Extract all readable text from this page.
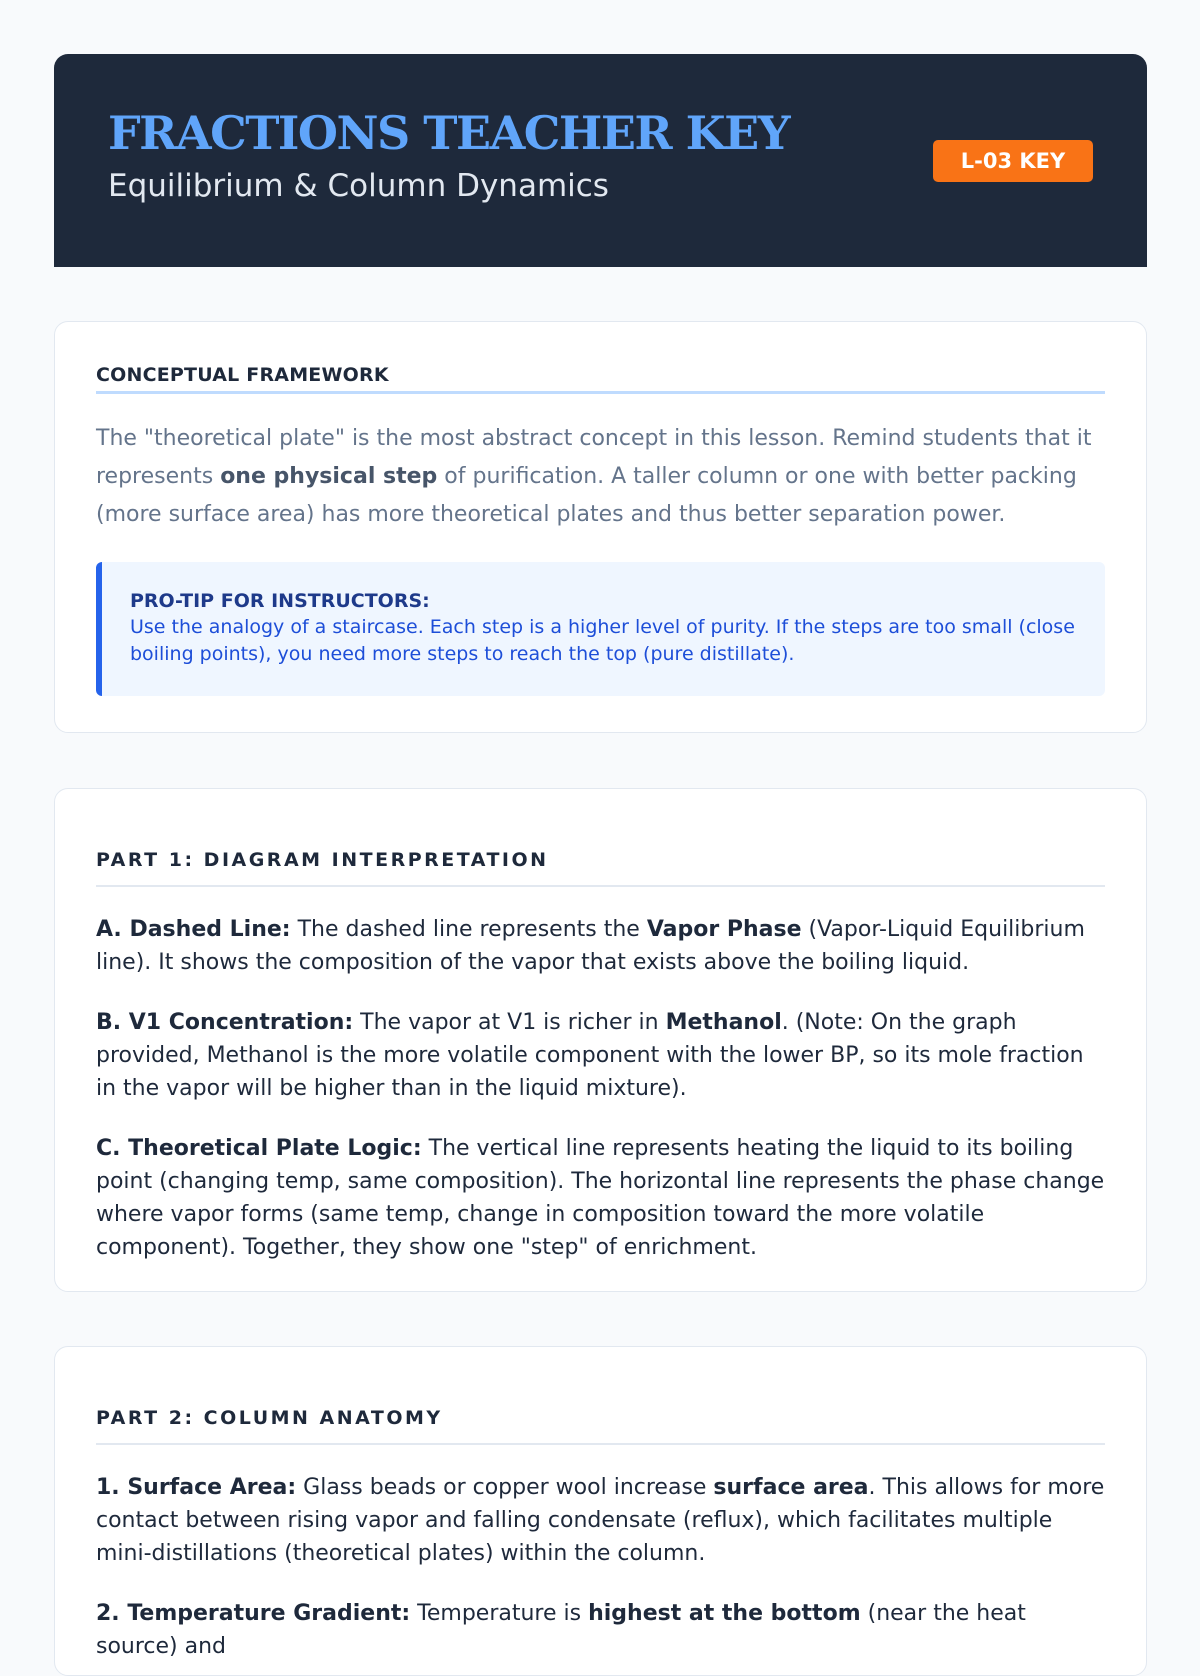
FRACTIONS TEACHER KEY

Equilibrium & Column Dynamics

L-03 KEY
CONCEPTUAL FRAMEWORK

The "theoretical plate" is the most abstract concept in this lesson. Remind students that it represents one physical step of purification. A taller column or one with better packing (more surface area) has more theoretical plates and thus better separation power.

PRO-TIP FOR INSTRUCTORS:

Use the analogy of a staircase. Each step is a higher level of purity. If the steps are too small (close boiling points), you need more steps to reach the top (pure distillate).

PART 1: DIAGRAM INTERPRETATION

A. Dashed Line: The dashed line represents the Vapor Phase (Vapor-Liquid Equilibrium line). It shows the composition of the vapor that exists above the boiling liquid.

B. V1 Concentration: The vapor at V1 is richer in Methanol. (Note: On the graph provided, Methanol is the more volatile component with the lower BP, so its mole fraction in the vapor will be higher than in the liquid mixture).

C. Theoretical Plate Logic: The vertical line represents heating the liquid to its boiling point (changing temp, same composition). The horizontal line represents the phase change where vapor forms (same temp, change in composition toward the more volatile component). Together, they show one "step" of enrichment.

PART 2: COLUMN ANATOMY

1. Surface Area: Glass beads or copper wool increase surface area. This allows for more contact between rising vapor and falling condensate (reflux), which facilitates multiple mini-distillations (theoretical plates) within the column.

2. Temperature Gradient: Temperature is highest at the bottom (near the heat source) and
